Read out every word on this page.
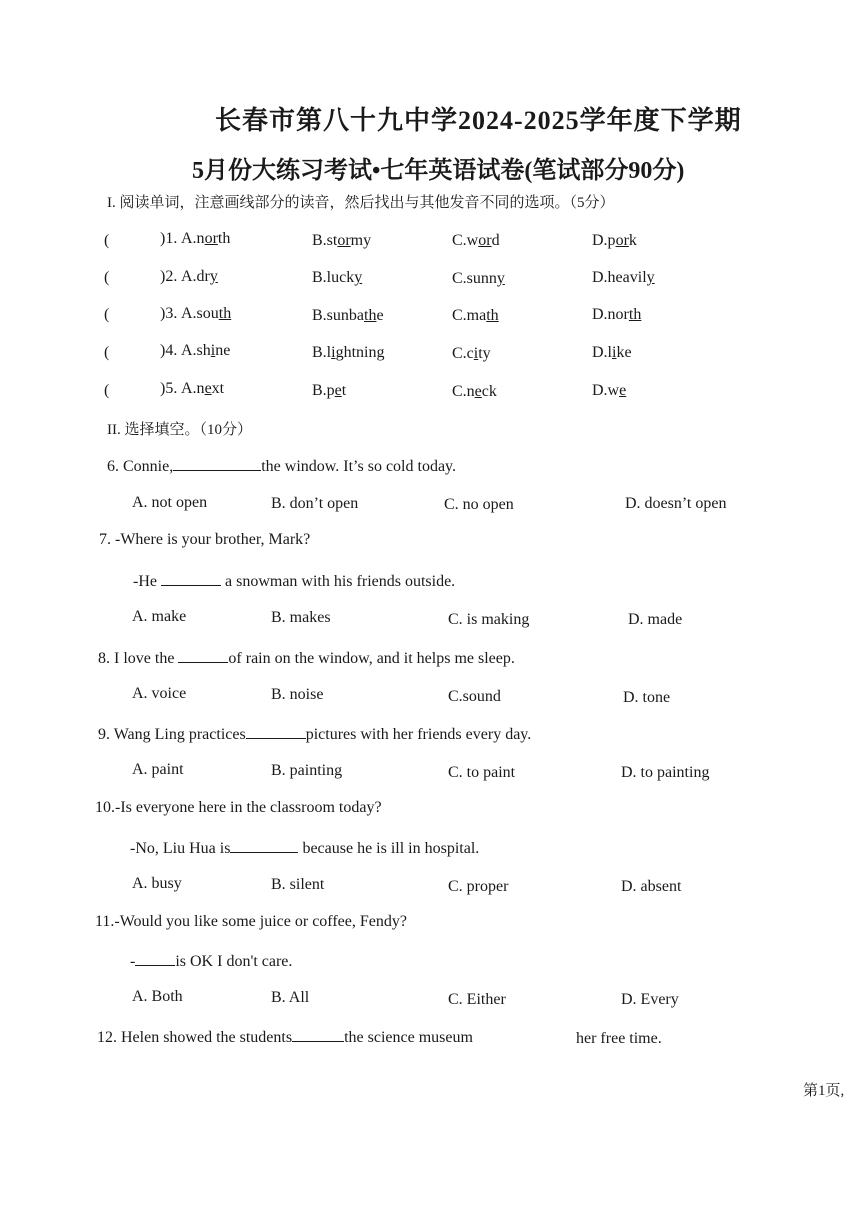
长春市第八十九中学2024-2025学年度下学期
5月份大练习考试•七年英语试卷(笔试部分90分)
I. 阅读单词，注意画线部分的读音，然后找出与其他发音不同的选项。（5分）
(	)1. A.north	B.stormy	C.word	D.pork
(	)2. A.dry	B.lucky	C.sunny	D.heavily
(	)3. A.south	B.sunbathe	C.math	D.north
(	)4. A.shine	B.lightning	C.city	D.like
(	)5. A.next	B.pet	C.neck	D.we
II. 选择填空。（10分）
6. Connie,	the window. It’s so cold today.
A. not open	B. don’t open	C. no open	D. doesn’t open
7. -Where is your brother, Mark?
-He	a snowman with his friends outside.
A. make	B. makes	C. is making	D. made
8. I love the	of rain on the window, and it helps me sleep.
A. voice	B. noise	C.sound	D. tone
9. Wang Ling practices	pictures with her friends every day.
A. paint	B. painting	C. to paint	D. to painting
10.-Is everyone here in the classroom today?
-No, Liu Hua is	because he is ill in hospital.
A. busy	B. silent	C. proper	D. absent
11.-Would you like some juice or coffee, Fendy?
-	is OK I don't care.
A. Both	B. All	C. Either	D. Every
12. Helen showed the students	the science museum	her free time.
第1页,
